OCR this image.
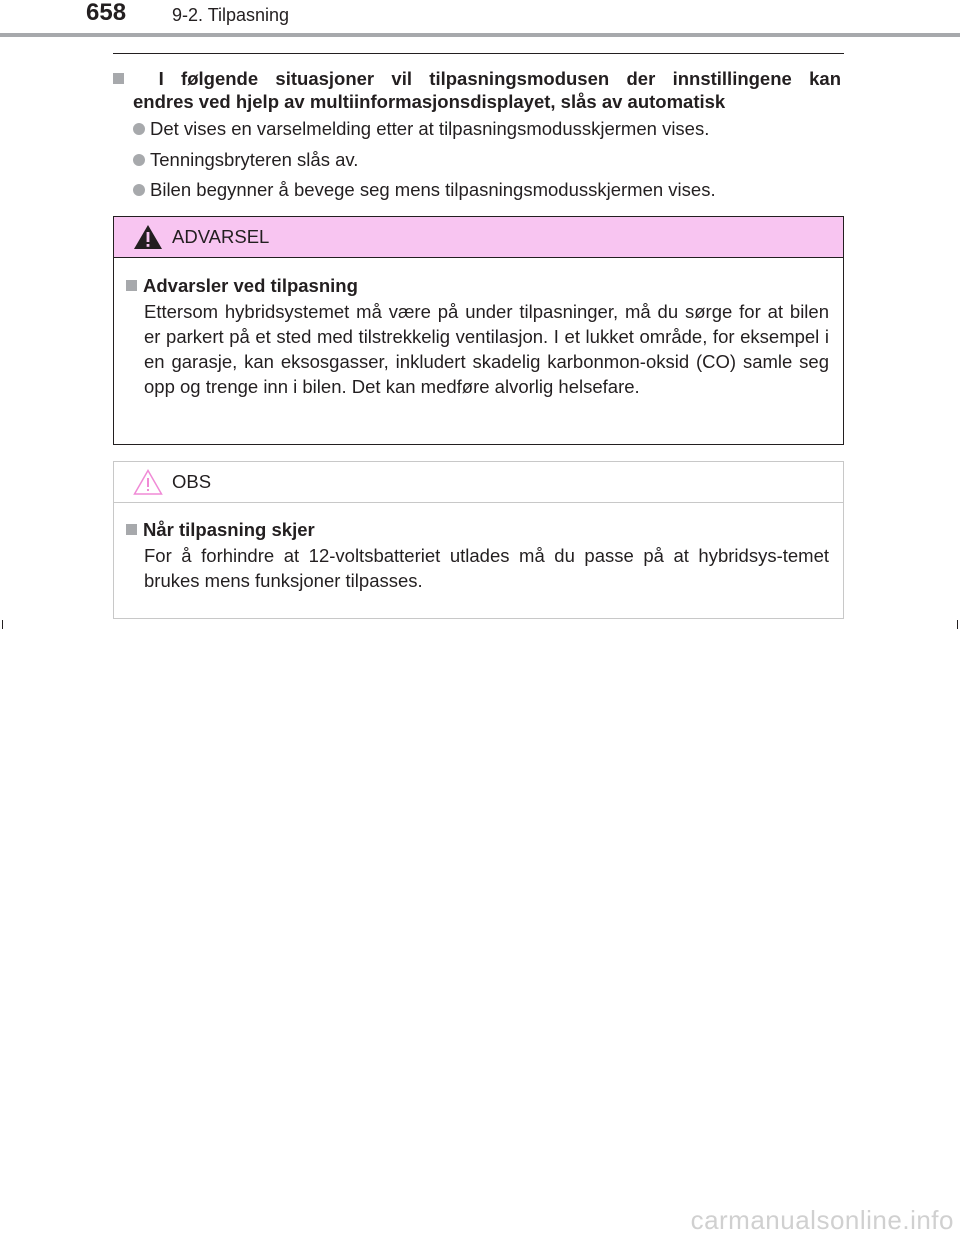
658	9-2. Tilpasning
I følgende situasjoner vil tilpasningsmodusen der innstillingene kan
endres ved hjelp av multiinformasjonsdisplayet, slås av automatisk
Det vises en varselmelding etter at tilpasningsmodusskjermen vises.
Tenningsbryteren slås av.
Bilen begynner å bevege seg mens tilpasningsmodusskjermen vises.
ADVARSEL

Advarsler ved tilpasning

Ettersom hybridsystemet må være på under tilpasninger, må du sørge for at bilen er parkert på et sted med tilstrekkelig ventilasjon. I et lukket område, for eksempel i en garasje, kan eksosgasser, inkludert skadelig karbonmon-oksid (CO) samle seg opp og trenge inn i bilen. Det kan medføre alvorlig helsefare.

OBS

Når tilpasning skjer

For å forhindre at 12-voltsbatteriet utlades må du passe på at hybridsys-temet brukes mens funksjoner tilpasses.

carmanualsonline.info
